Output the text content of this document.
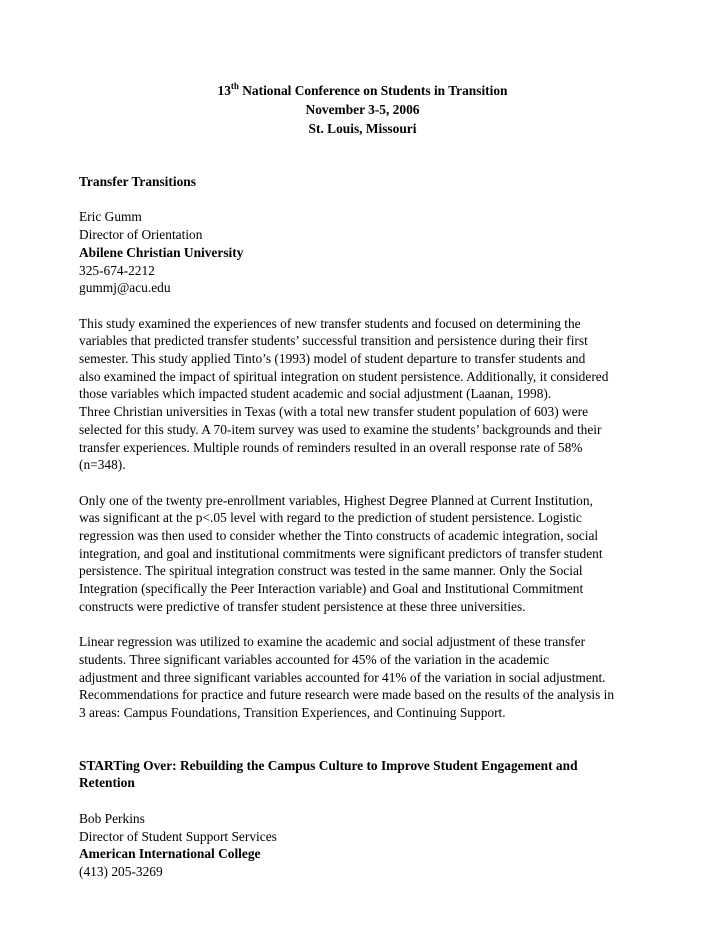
13th National Conference on Students in Transition
November 3-5, 2006
St. Louis, Missouri
Transfer Transitions
Eric Gumm
Director of Orientation
Abilene Christian University
325-674-2212
gummj@acu.edu
This study examined the experiences of new transfer students and focused on determining the
variables that predicted transfer students’ successful transition and persistence during their first
semester. This study applied Tinto’s (1993) model of student departure to transfer students and
also examined the impact of spiritual integration on student persistence. Additionally, it considered
those variables which impacted student academic and social adjustment (Laanan, 1998).
Three Christian universities in Texas (with a total new transfer student population of 603) were
selected for this study. A 70-item survey was used to examine the students’ backgrounds and their
transfer experiences. Multiple rounds of reminders resulted in an overall response rate of 58%
(n=348).
Only one of the twenty pre-enrollment variables, Highest Degree Planned at Current Institution,
was significant at the p<.05 level with regard to the prediction of student persistence. Logistic
regression was then used to consider whether the Tinto constructs of academic integration, social
integration, and goal and institutional commitments were significant predictors of transfer student
persistence. The spiritual integration construct was tested in the same manner. Only the Social
Integration (specifically the Peer Interaction variable) and Goal and Institutional Commitment
constructs were predictive of transfer student persistence at these three universities.
Linear regression was utilized to examine the academic and social adjustment of these transfer
students. Three significant variables accounted for 45% of the variation in the academic
adjustment and three significant variables accounted for 41% of the variation in social adjustment.
Recommendations for practice and future research were made based on the results of the analysis in
3 areas: Campus Foundations, Transition Experiences, and Continuing Support.
STARTing Over: Rebuilding the Campus Culture to Improve Student Engagement and
Retention
Bob Perkins
Director of Student Support Services
American International College
(413) 205-3269
